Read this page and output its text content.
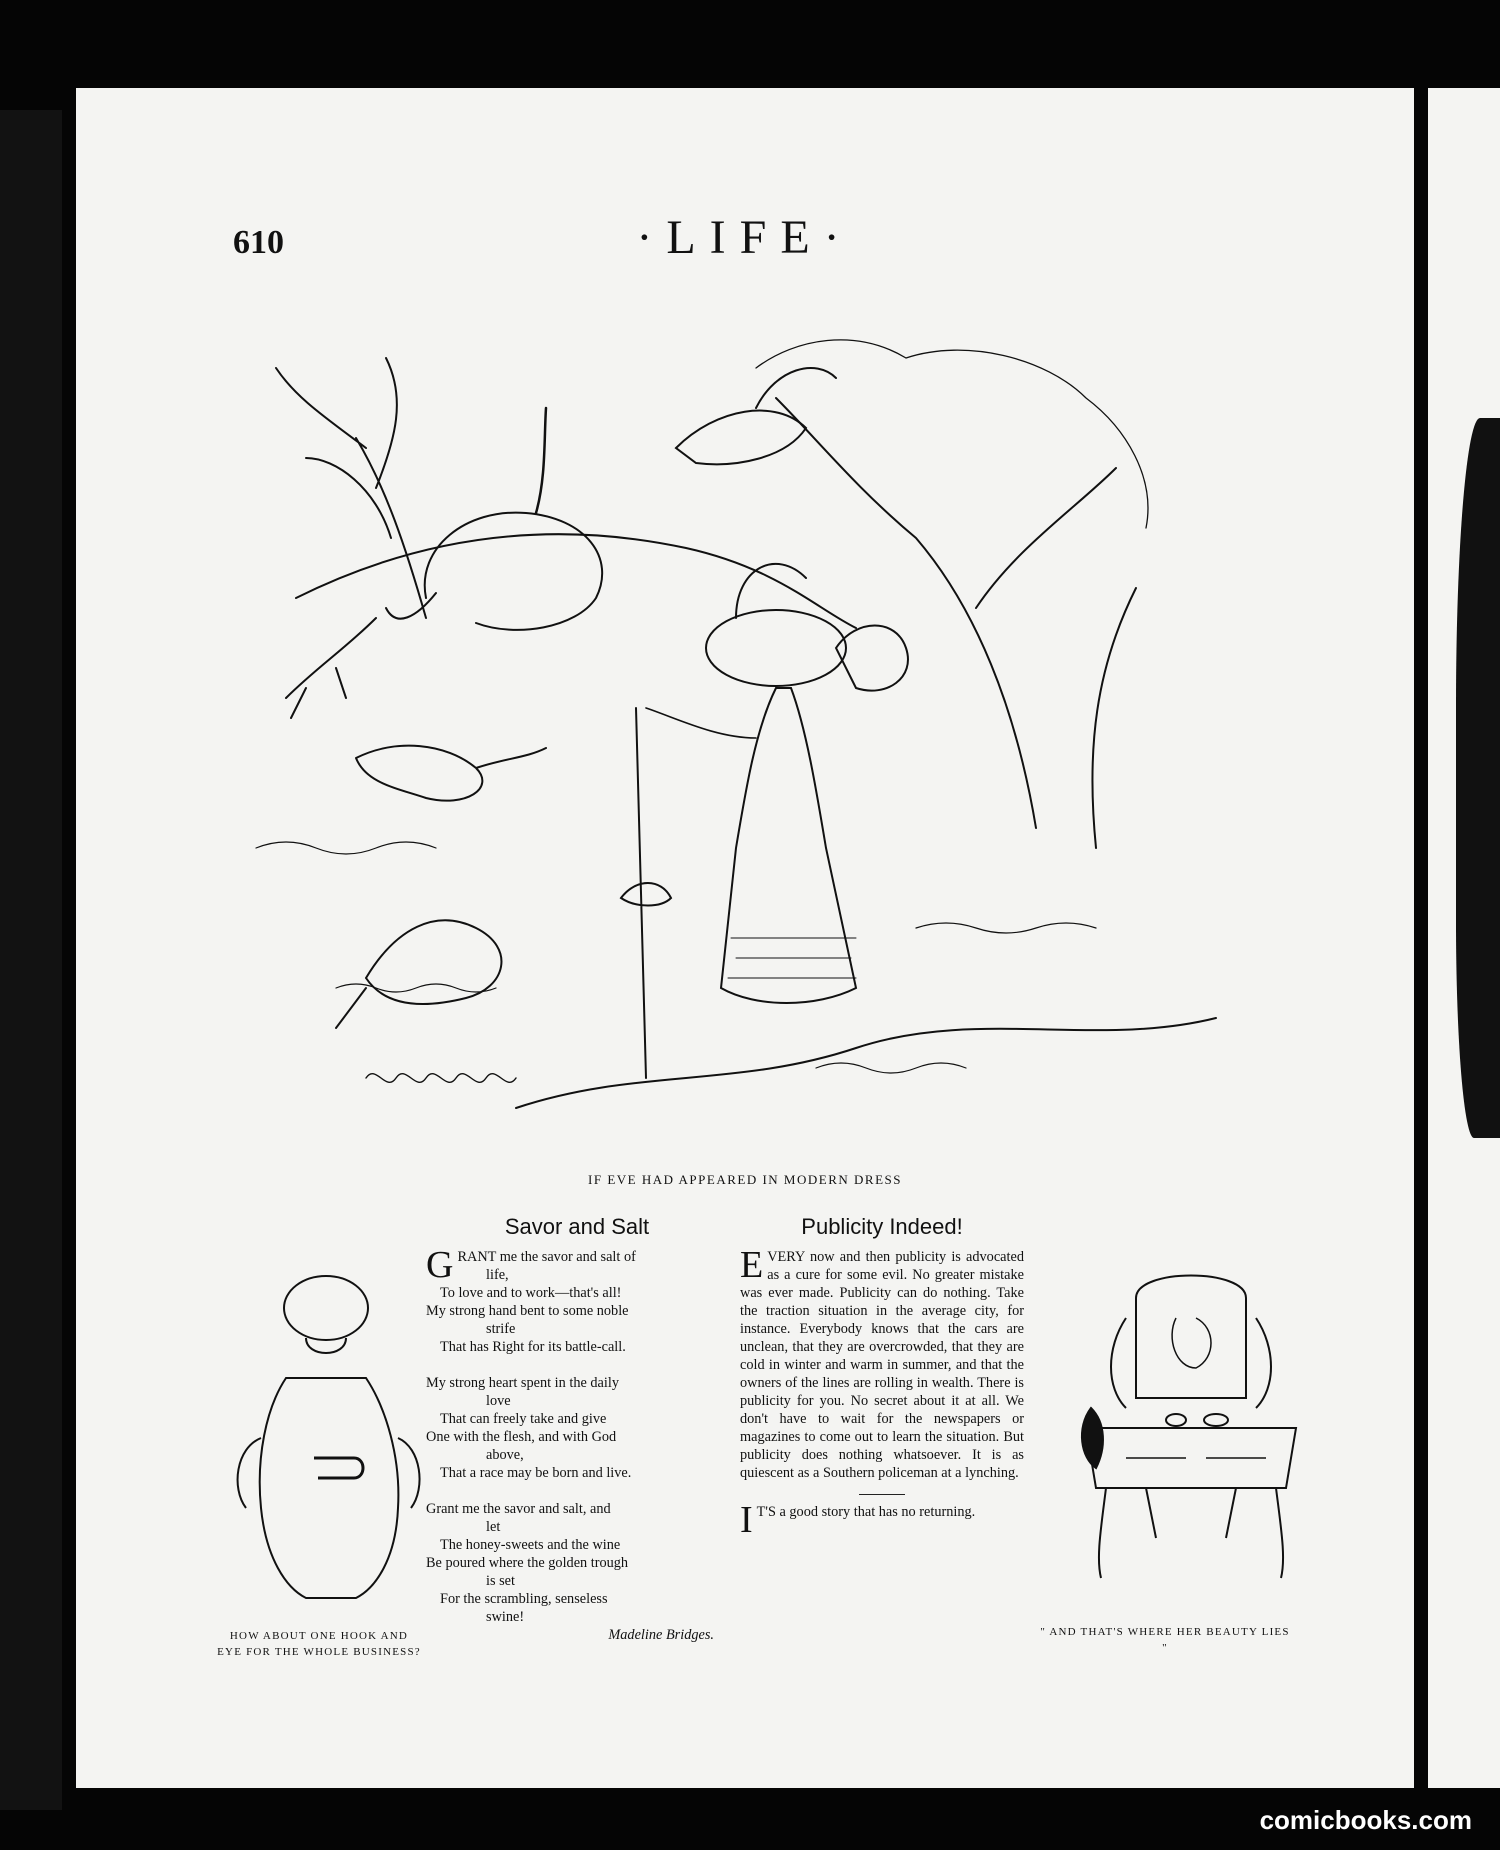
610	·LIFE·
IF EVE HAD APPEARED IN MODERN DRESS
HOW ABOUT ONE HOOK AND EYE FOR THE WHOLE BUSINESS?
Savor and Salt
G RANT me the savor and salt of
life,
To love and to work—that's all!
My strong hand bent to some noble
strife
That has Right for its battle-call.
My strong heart spent in the daily
love
That can freely take and give
One with the flesh, and with God
above,
That a race may be born and live.
Grant me the savor and salt, and
let
The honey-sweets and the wine
Be poured where the golden trough
is set
For the scrambling, senseless
swine!
Madeline Bridges.
Publicity Indeed!
E VERY now and then publicity is advocated as a cure for some evil. No greater mistake was ever made. Publicity can do nothing. Take the traction situation in the average city, for instance. Everybody knows that the cars are unclean, that they are overcrowded, that they are cold in winter and warm in summer, and that the owners of the lines are rolling in wealth. There is publicity for you. No secret about it at all. We don't have to wait for the newspapers or magazines to come out to learn the situation. But publicity does nothing whatsoever. It is as quiescent as a Southern policeman at a lynching.
I T'S a good story that has no returning.
" AND THAT'S WHERE HER BEAUTY LIES "
comicbooks.com
